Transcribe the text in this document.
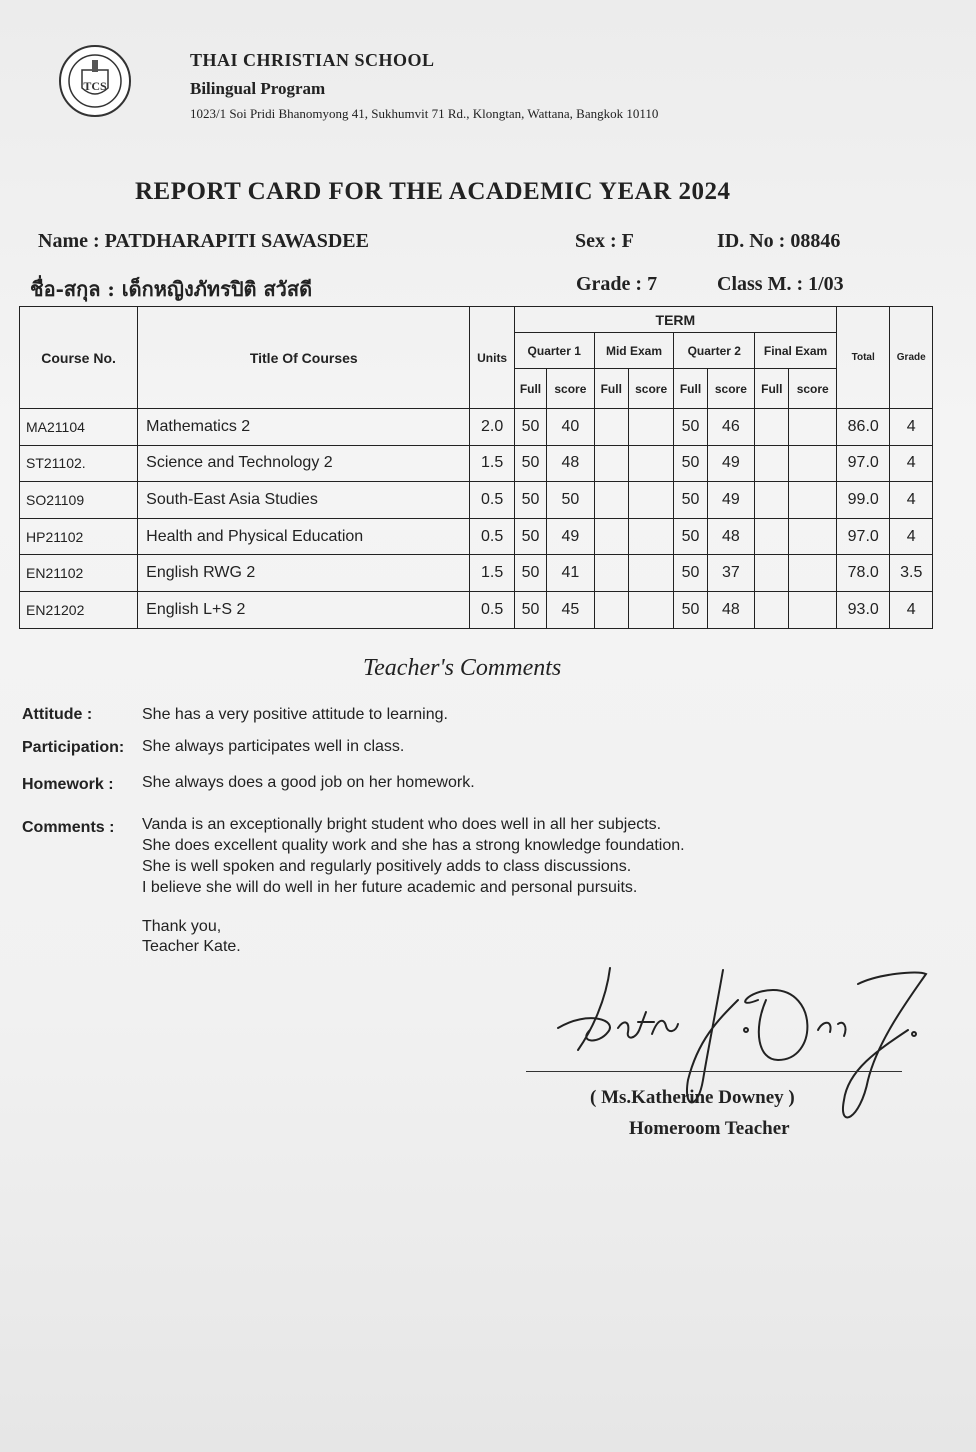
TCS
THAI CHRISTIAN SCHOOL
Bilingual Program
1023/1 Soi Pridi Bhanomyong 41, Sukhumvit 71 Rd., Klongtan, Wattana, Bangkok 10110
REPORT CARD FOR THE ACADEMIC YEAR 2024
Name : PATDHARAPITI SAWASDEE	Sex : F	ID. No : 08846
ชื่อ-สกุล : เด็กหญิงภัทรปิติ สวัสดี	Grade : 7	Class M. : 1/03
Course No.	Title Of Courses	Units	TERM								Total	Grade
			Quarter 1		Mid Exam		Quarter 2		Final Exam			
			Full	score	Full	score	Full	score	Full	score		
MA21104	Mathematics 2	2.0	50	40			50	46			86.0	4
ST21102.	Science and Technology 2	1.5	50	48			50	49			97.0	4
SO21109	South-East Asia Studies	0.5	50	50			50	49			99.0	4
HP21102	Health and Physical Education	0.5	50	49			50	48			97.0	4
EN21102	English RWG 2	1.5	50	41			50	37			78.0	3.5
EN21202	English L+S 2	0.5	50	45			50	48			93.0	4
Teacher's Comments
Attitude :	She has a very positive attitude to learning.
Participation: She always participates well in class.
Homework : She always does a good job on her homework.
Comments : Vanda is an exceptionally bright student who does well in all her subjects.
She does excellent quality work and she has a strong knowledge foundation.
She is well spoken and regularly positively adds to class discussions.
I believe she will do well in her future academic and personal pursuits.
Thank you,
Teacher Kate.
( Ms.Katherine Downey )
Homeroom Teacher
